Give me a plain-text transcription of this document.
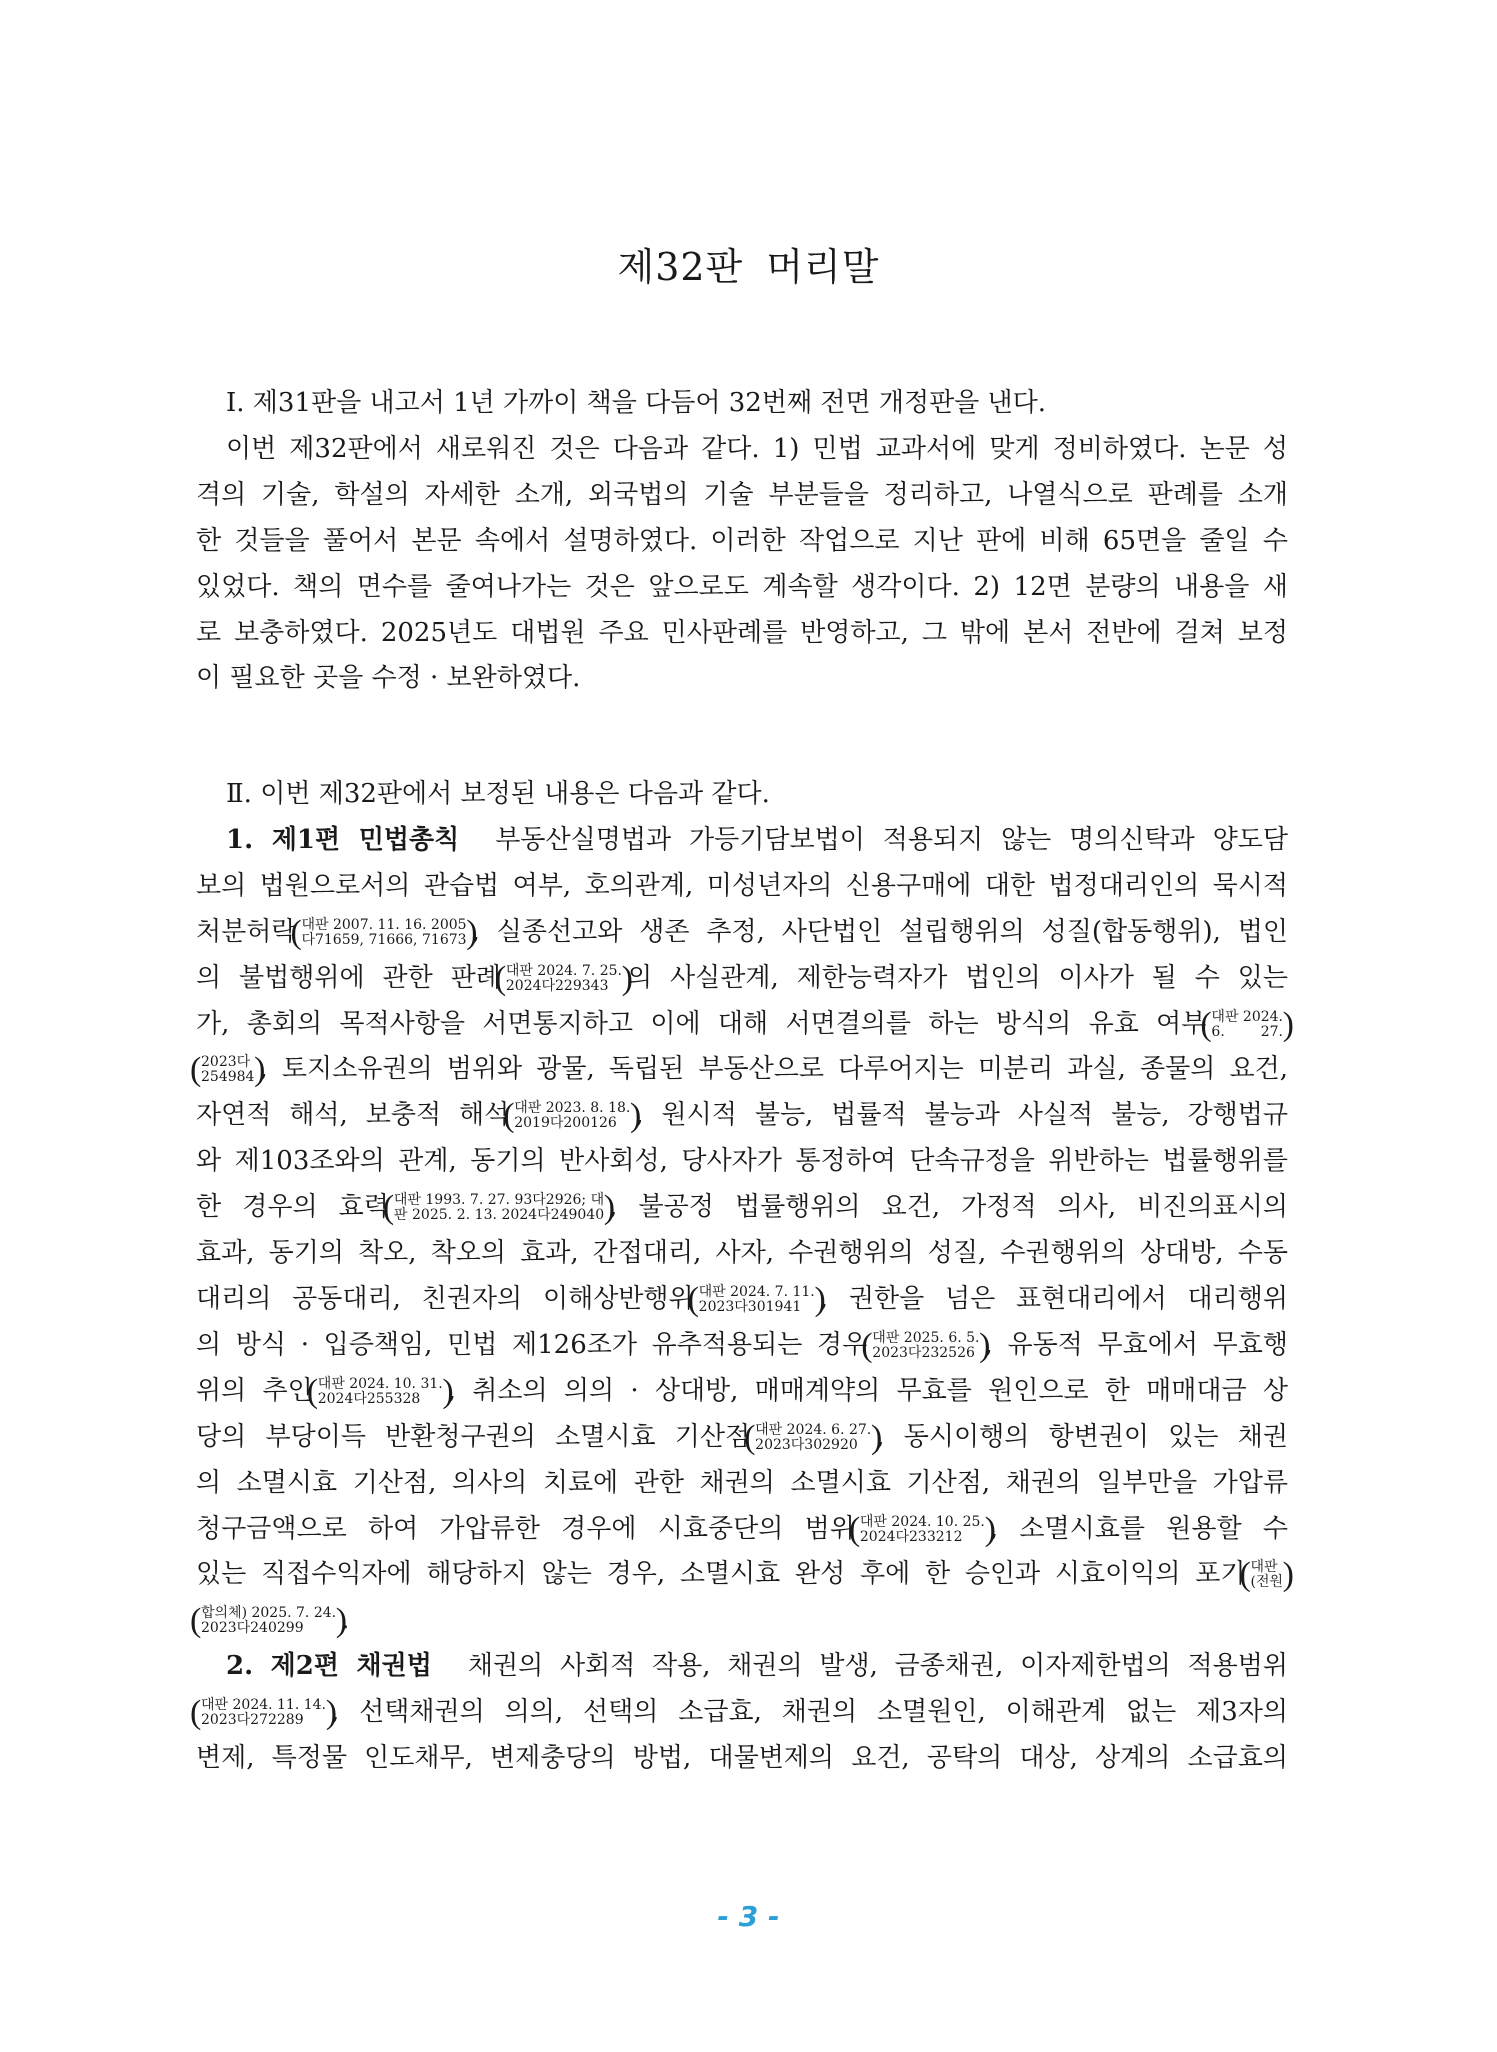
제32판 머리말
Ⅰ. 제31판을 내고서 1년 가까이 책을 다듬어 32번째 전면 개정판을 낸다.
이번 제32판에서 새로워진 것은 다음과 같다. 1) 민법 교과서에 맞게 정비하였다. 논문 성
격의 기술, 학설의 자세한 소개, 외국법의 기술 부분들을 정리하고, 나열식으로 판례를 소개
한 것들을 풀어서 본문 속에서 설명하였다. 이러한 작업으로 지난 판에 비해 65면을 줄일 수
있었다. 책의 면수를 줄여나가는 것은 앞으로도 계속할 생각이다. 2) 12면 분량의 내용을 새
로 보충하였다. 2025년도 대법원 주요 민사판례를 반영하고, 그 밖에 본서 전반에 걸쳐 보정
이 필요한 곳을 수정 · 보완하였다.
Ⅱ. 이번 제32판에서 보정된 내용은 다음과 같다.
1. 제1편 민법총칙 부동산실명법과 가등기담보법이 적용되지 않는 명의신탁과 양도담
보의 법원으로서의 관습법 여부, 호의관계, 미성년자의 신용구매에 대한 법정대리인의 묵시적
처분허락 ( 대판 2007. 11. 16. 2005
다71659, 71666, 71673
) , 실종선고와 생존 추정, 사단법인 설립행위의 성질(합동행위), 법인
의 불법행위에 관한 판례 ( 대판 2024. 7. 25.
2024다229343
) 의 사실관계, 제한능력자가 법인의 이사가 될 수 있는
가, 총회의 목적사항을 서면통지하고 이에 대해 서면결의를 하는 방식의 유효 여부 ( 대판 2024.
6. 27.
)
( 2023다
254984
) , 토지소유권의 범위와 광물, 독립된 부동산으로 다루어지는 미분리 과실, 종물의 요건,
자연적 해석, 보충적 해석 ( 대판 2023. 8. 18.
2019다200126
) , 원시적 불능, 법률적 불능과 사실적 불능, 강행법규
와 제103조와의 관계, 동기의 반사회성, 당사자가 통정하여 단속규정을 위반하는 법률행위를
한 경우의 효력 ( 대판 1993. 7. 27. 93다2926; 대
판 2025. 2. 13. 2024다249040
) , 불공정 법률행위의 요건, 가정적 의사, 비진의표시의
효과, 동기의 착오, 착오의 효과, 간접대리, 사자, 수권행위의 성질, 수권행위의 상대방, 수동
대리의 공동대리, 친권자의 이해상반행위 ( 대판 2024. 7. 11.
2023다301941
) , 권한을 넘은 표현대리에서 대리행위
의 방식 · 입증책임, 민법 제126조가 유추적용되는 경우 ( 대판 2025. 6. 5.
2023다232526
) , 유동적 무효에서 무효행
위의 추인 ( 대판 2024. 10. 31.
2024다255328
)	, 취소의 의의 · 상대방, 매매계약의 무효를 원인으로 한 매매대금 상
당의 부당이득 반환청구권의 소멸시효 기산점 ( 대판 2024. 6. 27.
2023다302920
) , 동시이행의 항변권이 있는 채권
의 소멸시효 기산점, 의사의 치료에 관한 채권의 소멸시효 기산점, 채권의 일부만을 가압류
청구금액으로 하여 가압류한 경우에 시효중단의 범위 ( 대판 2024. 10. 25.
2024다233212
)	, 소멸시효를 원용할 수
있는 직접수익자에 해당하지 않는 경우, 소멸시효 완성 후에 한 승인과 시효이익의 포기 ( 대판
(전원
)
( 합의체) 2025. 7. 24.
2023다240299
)	.
2. 제2편 채권법 채권의 사회적 작용, 채권의 발생, 금종채권, 이자제한법의 적용범위
( 대판 2024. 11. 14.
2023다272289
)	, 선택채권의 의의, 선택의 소급효, 채권의 소멸원인, 이해관계 없는 제3자의
변제, 특정물 인도채무, 변제충당의 방법, 대물변제의 요건, 공탁의 대상, 상계의 소급효의
- 3 -
